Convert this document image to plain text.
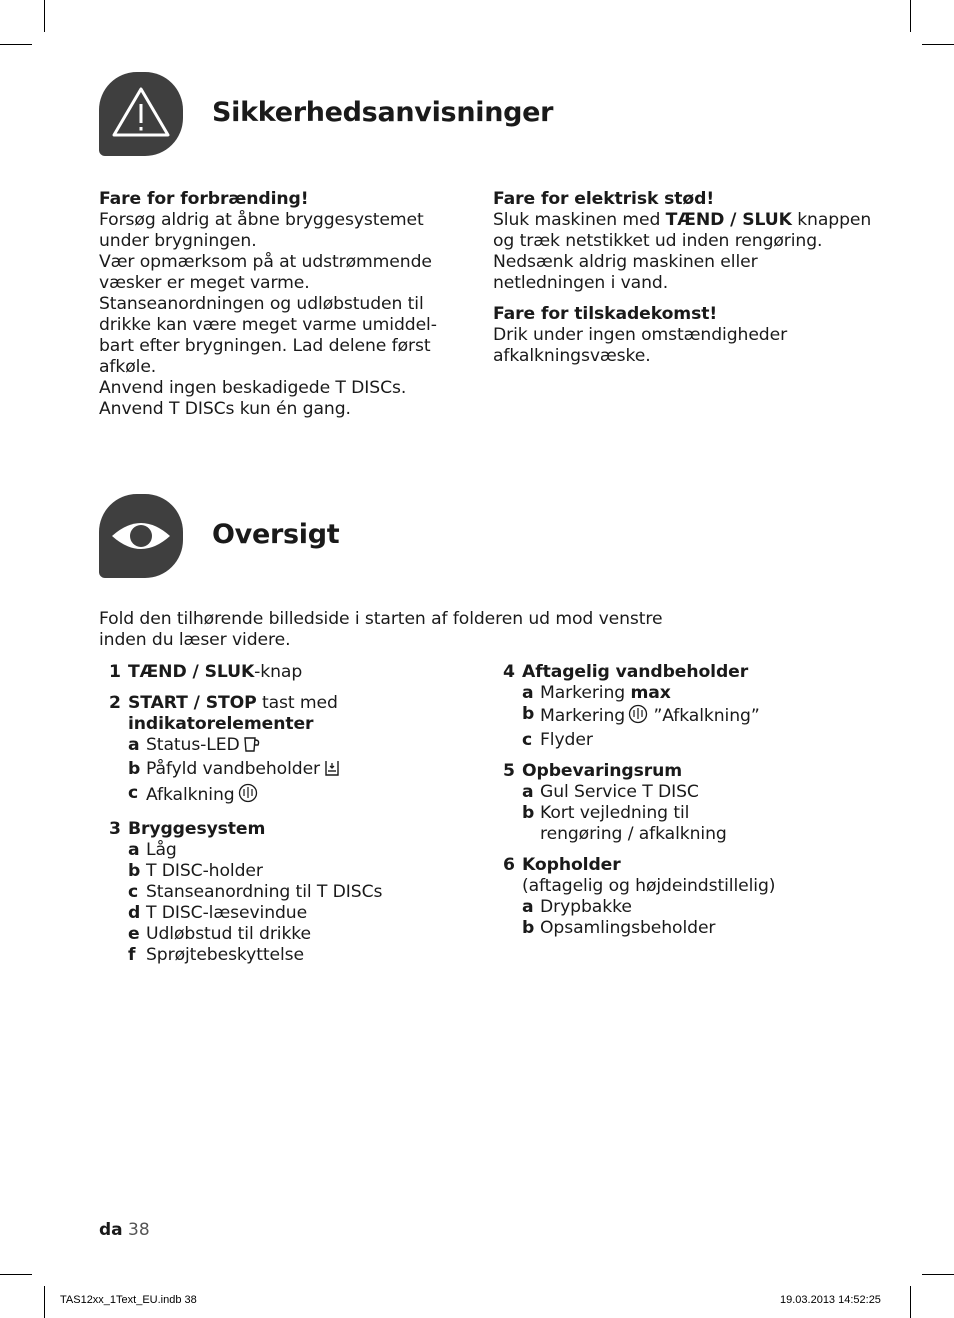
Sikkerhedsanvisninger

Fare for forbrænding!

Forsøg aldrig at åbne bryggesystemet

under brygningen.

Vær opmærksom på at udstrømmende

væsker er meget varme.

Stanseanordningen og udløbstuden til

drikke kan være meget varme umiddel-

bart efter brygningen. Lad delene først

afkøle.

Anvend ingen beskadigede T DISCs.

Anvend T DISCs kun én gang.

Fare for elektrisk stød!

Sluk maskinen med TÆND / SLUK knappen

og træk netstikket ud inden rengøring.

Nedsænk aldrig maskinen eller

netledningen i vand.

Fare for tilskadekomst!

Drik under ingen omstændigheder

afkalkningsvæske.

Oversigt

Fold den tilhørende billedside i starten af folderen ud mod venstre

inden du læser videre.

1 TÆND / SLUK-knap
2 START / STOP tast med
indikatorelementer
a Status-LED
b Påfyld vandbeholder
c Afkalkning
3 Bryggesystem
a Låg
b T DISC-holder
c Stanseanordning til T DISCs
d T DISC-læsevindue
e Udløbstud til drikke
f Sprøjtebeskyttelse
4 Aftagelig vandbeholder
a Markering max
b Markering ”Afkalkning”
c Flyder
5 Opbevaringsrum
a Gul Service T DISC
b Kort vejledning til
rengøring / afkalkning
6 Kopholder
(aftagelig og højdeindstillelig)
a Drypbakke
b Opsamlingsbeholder
da 38
TAS12xx_1Text_EU.indb 38	19.03.2013 14:52:25
